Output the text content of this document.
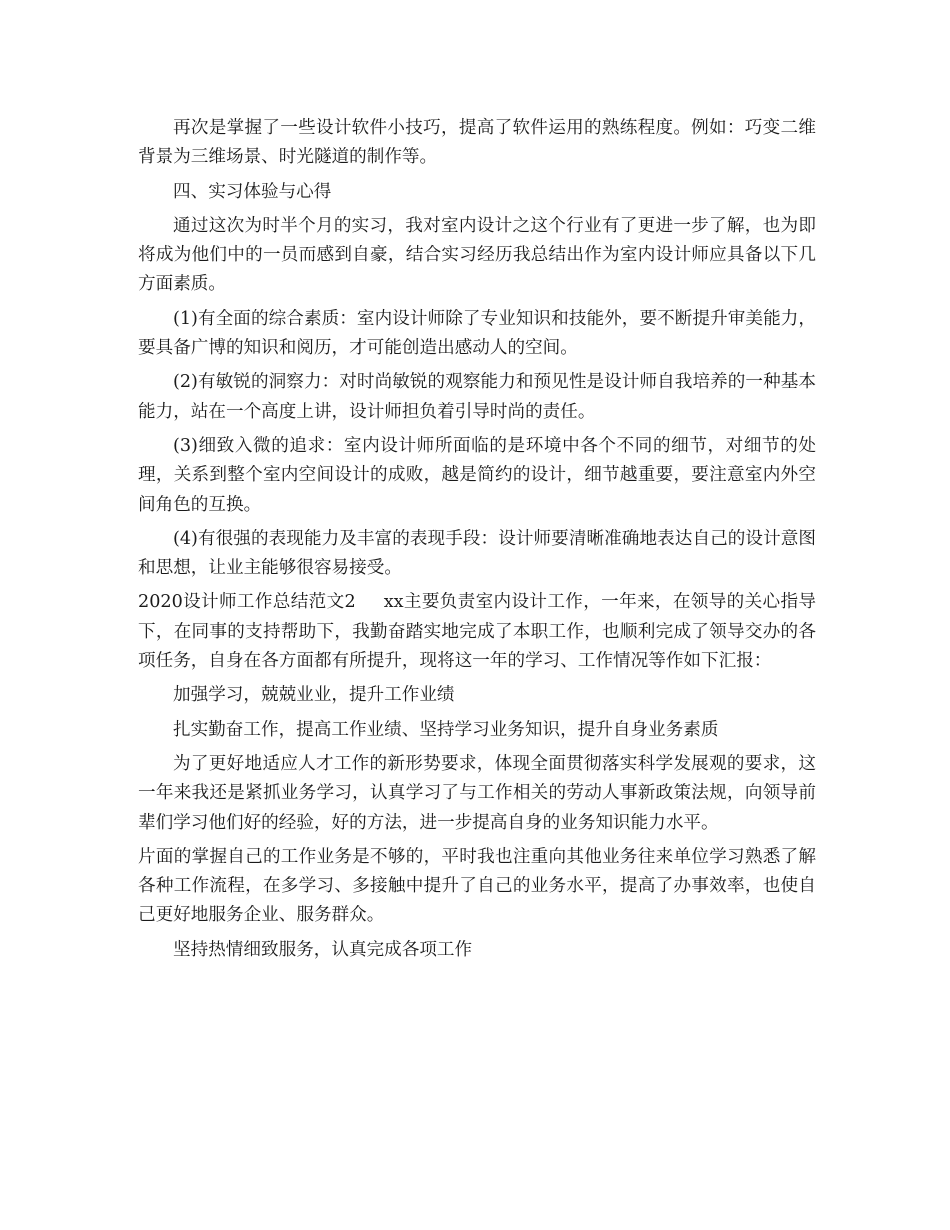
再次是掌握了一些设计软件小技巧，提高了软件运用的熟练程度。例如：巧变二维背景为三维场景、时光隧道的制作等。

四、实习体验与心得

通过这次为时半个月的实习，我对室内设计之这个行业有了更进一步了解，也为即将成为他们中的一员而感到自豪，结合实习经历我总结出作为室内设计师应具备以下几方面素质。

(1)有全面的综合素质：室内设计师除了专业知识和技能外，要不断提升审美能力，要具备广博的知识和阅历，才可能创造出感动人的空间。

(2)有敏锐的洞察力：对时尚敏锐的观察能力和预见性是设计师自我培养的一种基本能力，站在一个高度上讲，设计师担负着引导时尚的责任。

(3)细致入微的追求：室内设计师所面临的是环境中各个不同的细节，对细节的处理，关系到整个室内空间设计的成败，越是简约的设计，细节越重要，要注意室内外空间角色的互换。

(4)有很强的表现能力及丰富的表现手段：设计师要清晰准确地表达自己的设计意图和思想，让业主能够很容易接受。

2020设计师工作总结范文2 xx主要负责室内设计工作，一年来，在领导的关心指导下，在同事的支持帮助下，我勤奋踏实地完成了本职工作，也顺利完成了领导交办的各项任务，自身在各方面都有所提升，现将这一年的学习、工作情况等作如下汇报：

加强学习，兢兢业业，提升工作业绩

扎实勤奋工作，提高工作业绩、坚持学习业务知识，提升自身业务素质

为了更好地适应人才工作的新形势要求，体现全面贯彻落实科学发展观的要求，这一年来我还是紧抓业务学习，认真学习了与工作相关的劳动人事新政策法规，向领导前辈们学习他们好的经验，好的方法，进一步提高自身的业务知识能力水平。

片面的掌握自己的工作业务是不够的，平时我也注重向其他业务往来单位学习熟悉了解各种工作流程，在多学习、多接触中提升了自己的业务水平，提高了办事效率，也使自己更好地服务企业、服务群众。

坚持热情细致服务，认真完成各项工作
